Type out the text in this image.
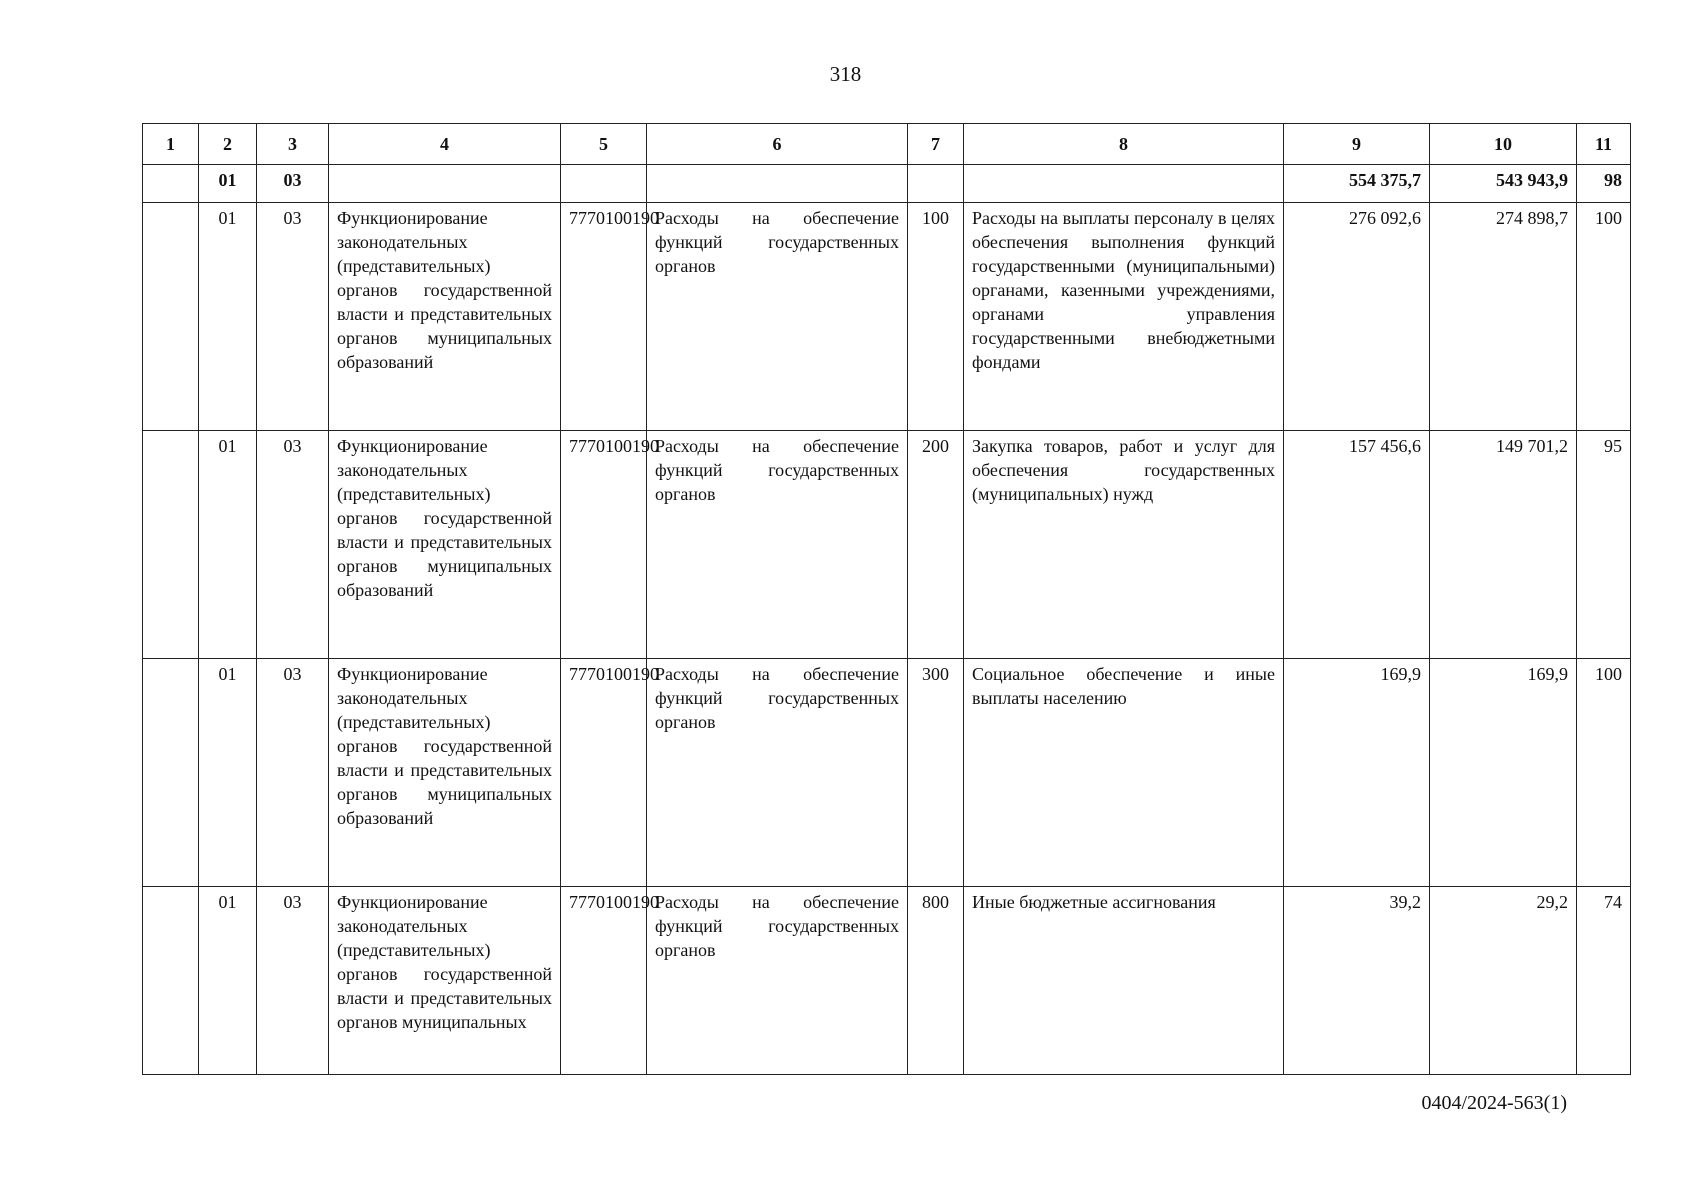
318
1	2	3	4	5	6	7	8	9	10	11
	01	03						554 375,7	543 943,9	98
	01	03	Функционирование законодательных (представительных) органов государственной власти и представительных органов муниципальных образований	7770100190	Расходы на обеспечение функций государственных органов	100	Расходы на выплаты персоналу в целях обеспечения выполнения функций государственными (муниципальными) органами, казенными учреждениями, органами управления государственными внебюджетными фондами	276 092,6	274 898,7	100
	01	03	Функционирование законодательных (представительных) органов государственной власти и представительных органов муниципальных образований	7770100190	Расходы на обеспечение функций государственных органов	200	Закупка товаров, работ и услуг для обеспечения государственных (муниципальных) нужд	157 456,6	149 701,2	95
	01	03	Функционирование законодательных (представительных) органов государственной власти и представительных органов муниципальных образований	7770100190	Расходы на обеспечение функций государственных органов	300	Социальное обеспечение и иные выплаты населению	169,9	169,9	100
	01	03	Функционирование законодательных (представительных) органов государственной власти и представительных органов муниципальных	7770100190	Расходы на обеспечение функций государственных органов	800	Иные бюджетные ассигнования	39,2	29,2	74
0404/2024-563(1)
